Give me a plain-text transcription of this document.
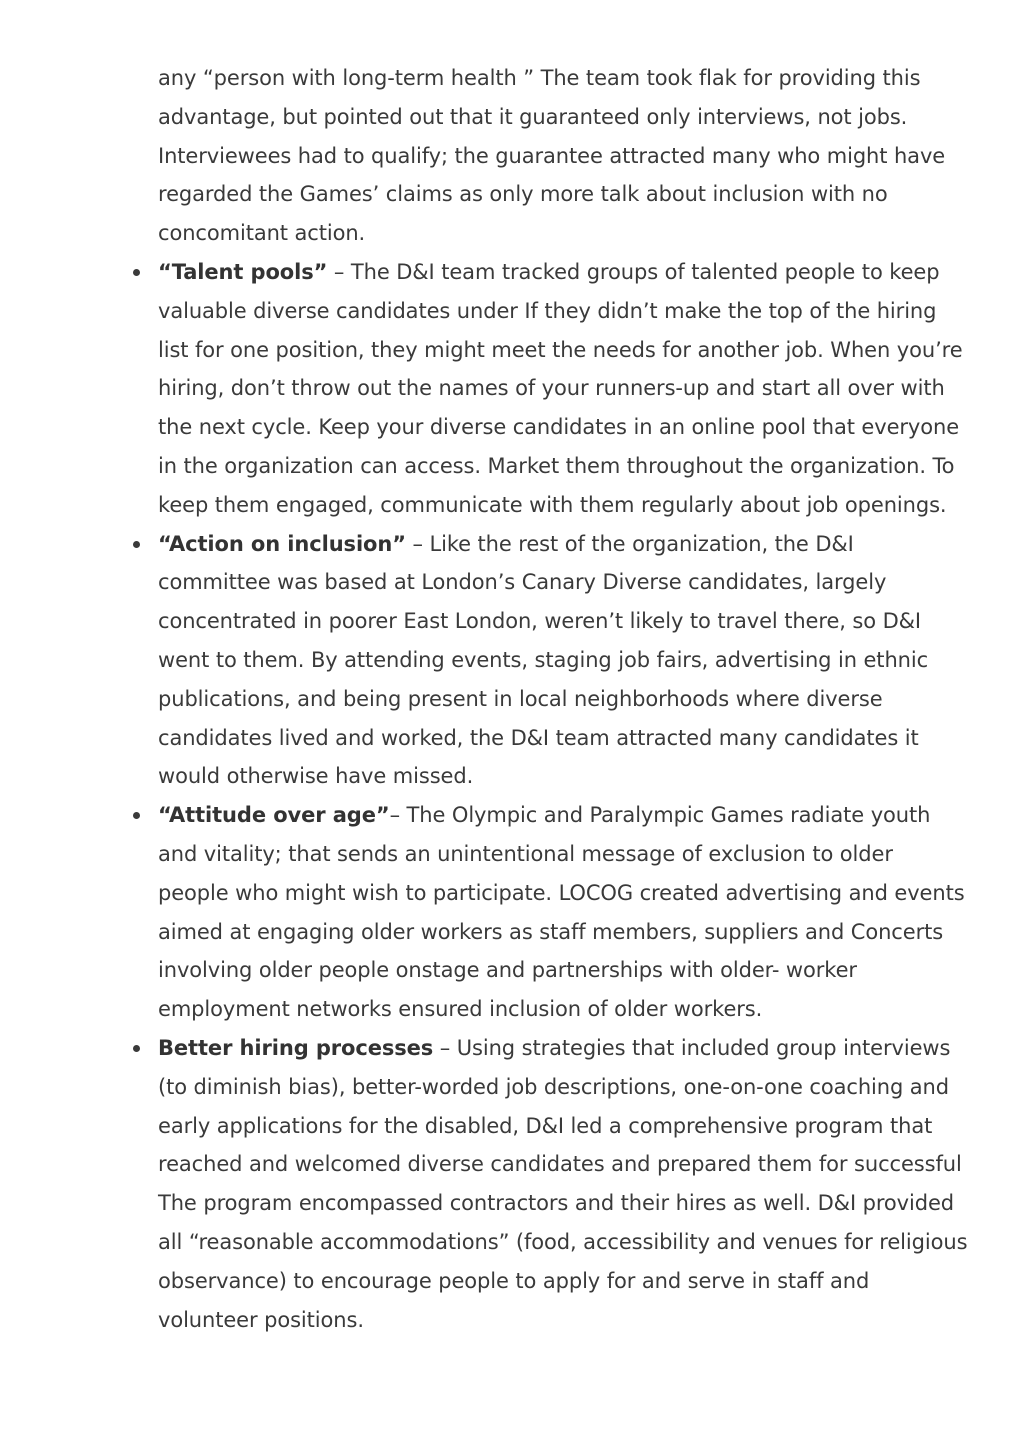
any “person with long-term health ” The team took flak for providing this advantage, but pointed out that it guaranteed only interviews, not jobs. Interviewees had to qualify; the guarantee attracted many who might have regarded the Games’ claims as only more talk about inclusion with no concomitant action.

“Talent pools” – The D&I team tracked groups of talented people to keep valuable diverse candidates under If they didn’t make the top of the hiring list for one position, they might meet the needs for another job. When you’re hiring, don’t throw out the names of your runners-up and start all over with the next cycle. Keep your diverse candidates in an online pool that everyone in the organization can access. Market them throughout the organization. To keep them engaged, communicate with them regularly about job openings.
“Action on inclusion” – Like the rest of the organization, the D&I committee was based at London’s Canary Diverse candidates, largely concentrated in poorer East London, weren’t likely to travel there, so D&I went to them. By attending events, staging job fairs, advertising in ethnic publications, and being present in local neighborhoods where diverse candidates lived and worked, the D&I team attracted many candidates it would otherwise have missed.
“Attitude over age”– The Olympic and Paralympic Games radiate youth and vitality; that sends an unintentional message of exclusion to older people who might wish to participate. LOCOG created advertising and events aimed at engaging older workers as staff members, suppliers and Concerts involving older people onstage and partnerships with older- worker employment networks ensured inclusion of older workers.
Better hiring processes – Using strategies that included group interviews (to diminish bias), better-worded job descriptions, one-on-one coaching and early applications for the disabled, D&I led a comprehensive program that reached and welcomed diverse candidates and prepared them for successful The program encompassed contractors and their hires as well. D&I provided all “reasonable accommodations” (food, accessibility and venues for religious observance) to encourage people to apply for and serve in staff and volunteer positions.
